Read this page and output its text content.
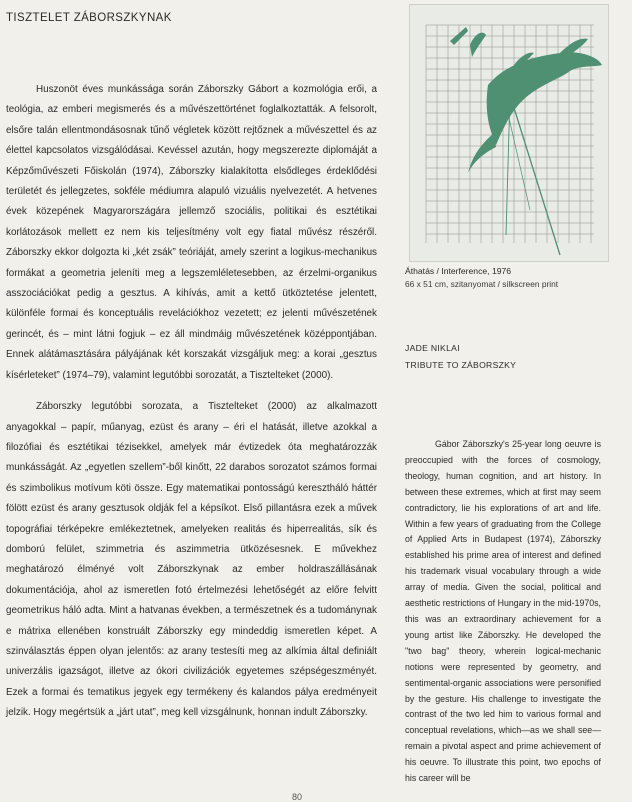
TISZTELET ZÁBORSZKYNAK

Huszonöt éves munkássága során Záborszky Gábort a kozmológia erői, a teológia, az emberi megismerés és a művészettörténet foglalkoztatták. A felsorolt, elsőre talán ellentmondásosnak tűnő végletek között rejtőznek a művészettel és az élettel kapcsolatos vizsgálódásai. Kevéssel azután, hogy megszerezte diplomáját a Képzőművészeti Főiskolán (1974), Záborszky kialakította elsődleges érdeklődési területét és jellegzetes, sokféle médiumra alapuló vizuális nyelvezetét. A hetvenes évek közepének Magyarországára jellemző szociális, politikai és esztétikai korlátozások mellett ez nem kis teljesítmény volt egy fiatal művész részéről. Záborszky ekkor dolgozta ki „két zsák” teóriáját, amely szerint a logikus-mechanikus formákat a geometria jeleníti meg a legszemléletesebben, az érzelmi-organikus asszociációkat pedig a gesztus. A kihívás, amit a kettő ütköztetése jelentett, különféle formai és konceptuális revelációkhoz vezetett; ez jelenti művészetének gerincét, és – mint látni fogjuk – ez áll mindmáig művészetének középpontjában. Ennek alátámasztására pályájának két korszakát vizsgáljuk meg: a korai „gesztus kísérleteket” (1974–79), valamint legutóbbi sorozatát, a Tisztelteket (2000).

Záborszky legutóbbi sorozata, a Tisztelteket (2000) az alkalmazott anyagokkal – papír, műanyag, ezüst és arany – éri el hatását, illetve azokkal a filozófiai és esztétikai tézisekkel, amelyek már évtizedek óta meghatározzák munkásságát. Az „egyetlen szellem”-ből kinőtt, 22 darabos sorozatot számos formai és szimbolikus motívum köti össze. Egy matematikai pontosságú keresztháló háttér fölött ezüst és arany gesztusok oldják fel a képsíkot. Első pillantásra ezek a művek topográfiai térképekre emlékeztetnek, amelyeken realitás és hiperrealitás, sík és domború felület, szimmetria és aszimmetria ütközésesnek. E művekhez meghatározó élményé volt Záborszkynak az ember holdraszállásának dokumentációja, ahol az ismeretlen fotó értelmezési lehetőségét az előre felvitt geometrikus háló adta. Mint a hatvanas években, a természetnek és a tudománynak e mátrixa ellenében konstruált Záborszky egy mindeddig ismeretlen képet. A szinválasztás éppen olyan jelentős: az arany testesíti meg az alkímia által definiált univerzális igazságot, illetve az ókori civilizációk egyetemes szépségeszményét. Ezek a formai és tematikus jegyek egy termékeny és kalandos pálya eredményeit jelzik. Hogy megértsük a „járt utat”, meg kell vizsgálnunk, honnan indult Záborszky.

Áthatás / Interference, 1976
66 x 51 cm, szitanyomat / silkscreen print
JADE NIKLAI
TRIBUTE TO ZÁBORSZKY

Gábor Záborszky's 25-year long oeuvre is preoccupied with the forces of cosmology, theology, human cognition, and art history. In between these extremes, which at first may seem contradictory, lie his explorations of art and life. Within a few years of graduating from the College of Applied Arts in Budapest (1974), Záborszky established his prime area of interest and defined his trademark visual vocabulary through a wide array of media. Given the social, political and aesthetic restrictions of Hungary in the mid-1970s, this was an extraordinary achievement for a young artist like Záborszky. He developed the "two bag" theory, wherein logical-mechanic notions were represented by geometry, and sentimental-organic associations were personified by the gesture. His challenge to investigate the contrast of the two led him to various formal and conceptual revelations, which—as we shall see—remain a pivotal aspect and prime achievement of his oeuvre. To illustrate this point, two epochs of his career will be

80
